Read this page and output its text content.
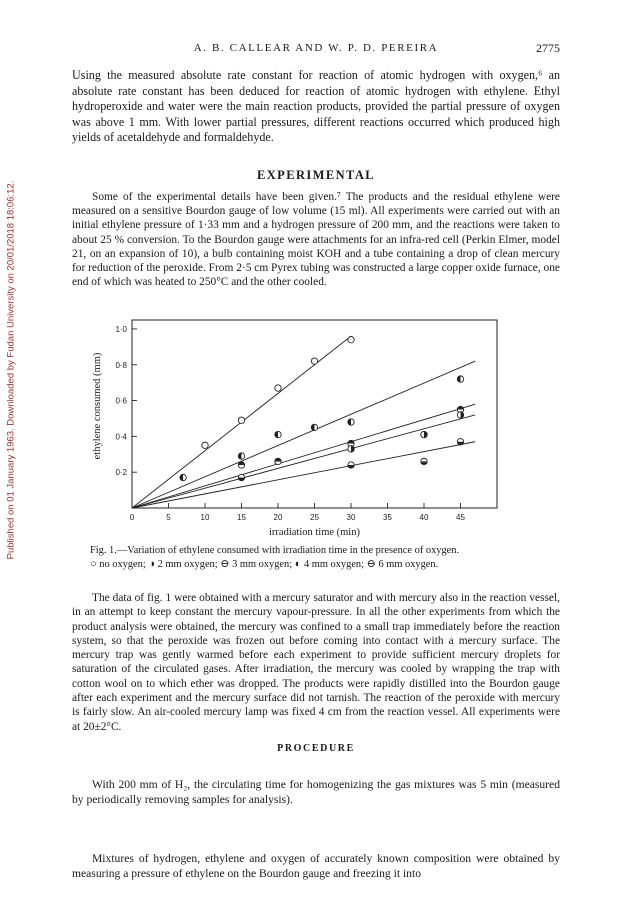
Published on 01 January 1963. Downloaded by Fudan University on 20/01/2018 18:06:12.
A. B. CALLEAR AND W. P. D. PEREIRA	2775

Using the measured absolute rate constant for reaction of atomic hydrogen with oxygen,⁶ an absolute rate constant has been deduced for reaction of atomic hydrogen with ethylene. Ethyl hydroperoxide and water were the main reaction products, provided the partial pressure of oxygen was above 1 mm. With lower partial pressures, different reactions occurred which produced high yields of acetaldehyde and formaldehyde.

EXPERIMENTAL

Some of the experimental details have been given.⁷ The products and the residual ethylene were measured on a sensitive Bourdon gauge of low volume (15 ml). All experiments were carried out with an initial ethylene pressure of 1·33 mm and a hydrogen pressure of 200 mm, and the reactions were taken to about 25 % conversion. To the Bourdon gauge were attachments for an infra-red cell (Perkin Elmer, model 21, on an expansion of 10), a bulb containing moist KOH and a tube containing a drop of clean mercury for reduction of the peroxide. From 2·5 cm Pyrex tubing was constructed a large copper oxide furnace, one end of which was heated to 250°C and the other cooled.

0	5	10	15	20	25	30	35	40	45
0·2
0·4
0·6
0·8
1·0
irradiation time (min)
ethylene consumed (mm)
Fig. 1.—Variation of ethylene consumed with irradiation time in the presence of oxygen.
○ no oxygen; ◑ 2 mm oxygen; ⊖ 3 mm oxygen; ◐ 4 mm oxygen; ⊖ 6 mm oxygen.

The data of fig. 1 were obtained with a mercury saturator and with mercury also in the reaction vessel, in an attempt to keep constant the mercury vapour-pressure. In all the other experiments from which the product analysis were obtained, the mercury was confined to a small trap immediately before the reaction system, so that the peroxide was frozen out before coming into contact with a mercury surface. The mercury trap was gently warmed before each experiment to provide sufficient mercury droplets for saturation of the circulated gases. After irradiation, the mercury was cooled by wrapping the trap with cotton wool on to which ether was dropped. The products were rapidly distilled into the Bourdon gauge after each experiment and the mercury surface did not tarnish. The reaction of the peroxide with mercury is fairly slow. An air-cooled mercury lamp was fixed 4 cm from the reaction vessel. All experiments were at 20±2°C.

PROCEDURE

With 200 mm of H₂, the circulating time for homogenizing the gas mixtures was 5 min (measured by periodically removing samples for analysis).

Mixtures of hydrogen, ethylene and oxygen of accurately known composition were obtained by measuring a pressure of ethylene on the Bourdon gauge and freezing it into
